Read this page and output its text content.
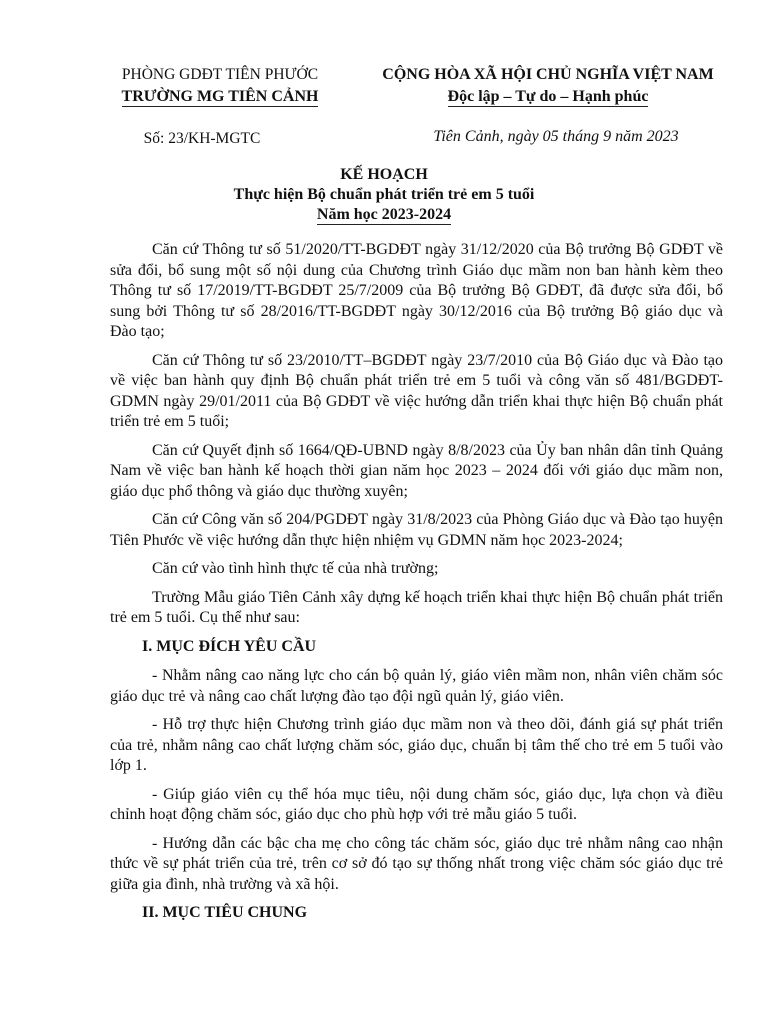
PHÒNG GDĐT TIÊN PHƯỚC
TRƯỜNG MG TIÊN CẢNH
Số: 23/KH-MGTC
CỘNG HÒA XÃ HỘI CHỦ NGHĨA VIỆT NAM
Độc lập – Tự do – Hạnh phúc
Tiên Cảnh, ngày 05 tháng 9 năm 2023
KẾ HOẠCH
Thực hiện Bộ chuẩn phát triển trẻ em 5 tuổi
Năm học 2023-2024

Căn cứ Thông tư số 51/2020/TT-BGDĐT ngày 31/12/2020 của Bộ trưởng Bộ GDĐT về sửa đổi, bổ sung một số nội dung của Chương trình Giáo dục mầm non ban hành kèm theo Thông tư số 17/2019/TT-BGDĐT 25/7/2009 của Bộ trưởng Bộ GDĐT, đã được sửa đổi, bổ sung bởi Thông tư số 28/2016/TT-BGDĐT ngày 30/12/2016 của Bộ trưởng Bộ giáo dục và Đào tạo;

Căn cứ Thông tư số 23/2010/TT–BGDĐT ngày 23/7/2010 của Bộ Giáo dục và Đào tạo về việc ban hành quy định Bộ chuẩn phát triển trẻ em 5 tuổi và công văn số 481/BGDĐT-GDMN ngày 29/01/2011 của Bộ GDĐT về việc hướng dẫn triển khai thực hiện Bộ chuẩn phát triển trẻ em 5 tuổi;

Căn cứ Quyết định số 1664/QĐ-UBND ngày 8/8/2023 của Ủy ban nhân dân tỉnh Quảng Nam về việc ban hành kế hoạch thời gian năm học 2023 – 2024 đối với giáo dục mầm non, giáo dục phổ thông và giáo dục thường xuyên;

Căn cứ Công văn số 204/PGDĐT ngày 31/8/2023 của Phòng Giáo dục và Đào tạo huyện Tiên Phước về việc hướng dẫn thực hiện nhiệm vụ GDMN năm học 2023-2024;

Căn cứ vào tình hình thực tế của nhà trường;

Trường Mẫu giáo Tiên Cảnh xây dựng kế hoạch triển khai thực hiện Bộ chuẩn phát triển trẻ em 5 tuổi. Cụ thể như sau:

I. MỤC ĐÍCH YÊU CẦU

- Nhằm nâng cao năng lực cho cán bộ quản lý, giáo viên mầm non, nhân viên chăm sóc giáo dục trẻ và nâng cao chất lượng đào tạo đội ngũ quản lý, giáo viên.

- Hỗ trợ thực hiện Chương trình giáo dục mầm non và theo dõi, đánh giá sự phát triển của trẻ, nhằm nâng cao chất lượng chăm sóc, giáo dục, chuẩn bị tâm thế cho trẻ em 5 tuổi vào lớp 1.

- Giúp giáo viên cụ thể hóa mục tiêu, nội dung chăm sóc, giáo dục, lựa chọn và điều chỉnh hoạt động chăm sóc, giáo dục cho phù hợp với trẻ mẫu giáo 5 tuổi.

- Hướng dẫn các bậc cha mẹ cho công tác chăm sóc, giáo dục trẻ nhằm nâng cao nhận thức về sự phát triển của trẻ, trên cơ sở đó tạo sự thống nhất trong việc chăm sóc giáo dục trẻ giữa gia đình, nhà trường và xã hội.

II. MỤC TIÊU CHUNG
